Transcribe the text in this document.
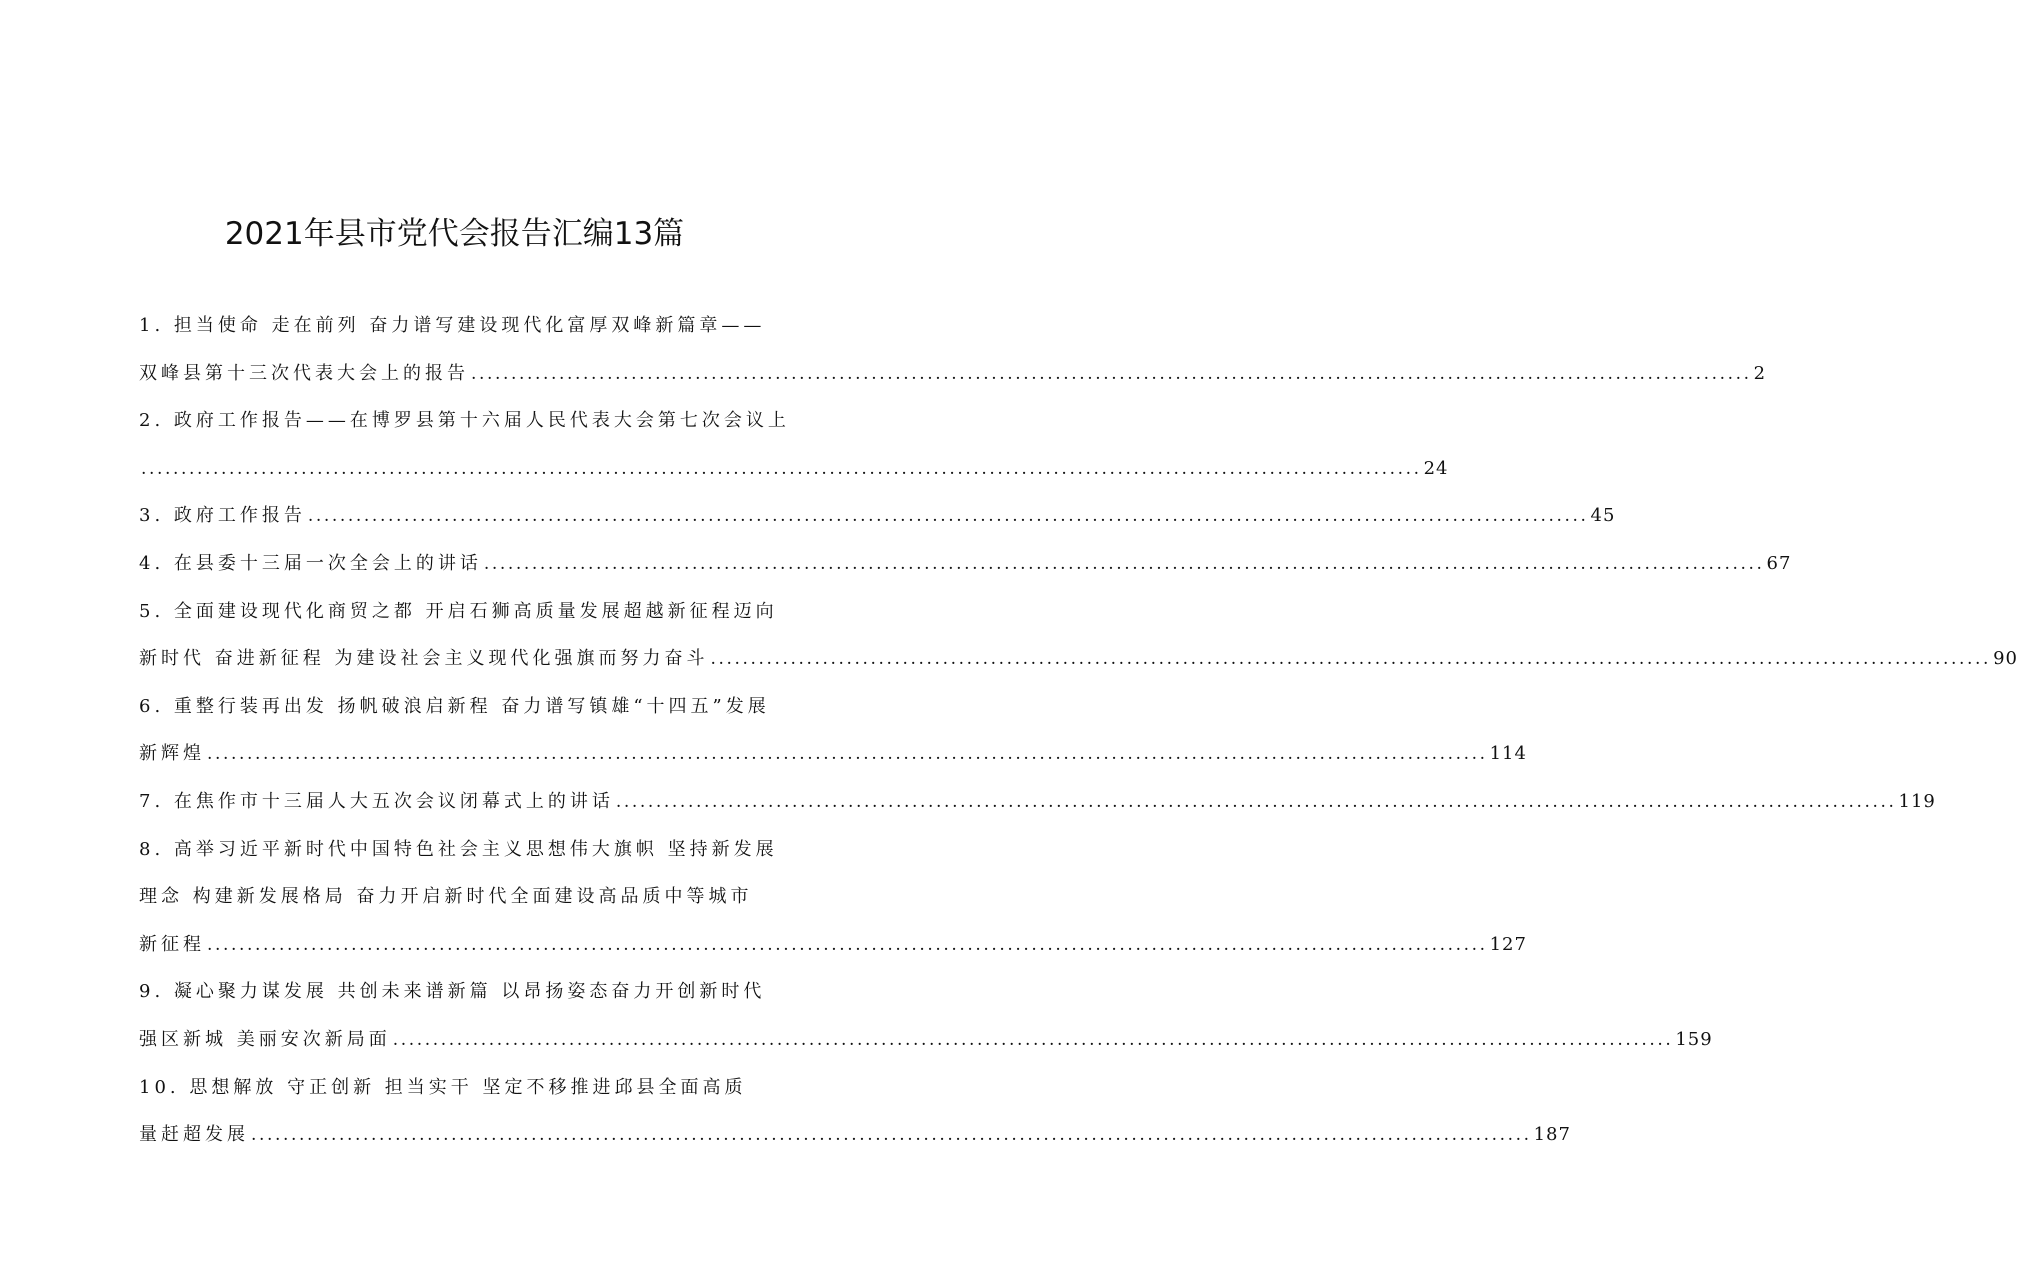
2021年县市党代会报告汇编13篇
1. 担当使命 走在前列 奋力谱写建设现代化富厚双峰新篇章——
双峰县第十三次代表大会上的报告 ................................................................................................................................................................ 2
2. 政府工作报告——在博罗县第十六届人民代表大会第七次会议上
................................................................................................................................................................ 24
3. 政府工作报告 ................................................................................................................................................................ 45
4. 在县委十三届一次全会上的讲话 ................................................................................................................................................................ 67
5. 全面建设现代化商贸之都 开启石狮高质量发展超越新征程迈向
新时代 奋进新征程 为建设社会主义现代化强旗而努力奋斗 ................................................................................................................................................................ 90
6. 重整行装再出发 扬帆破浪启新程 奋力谱写镇雄“十四五”发展
新辉煌 ................................................................................................................................................................ 114
7. 在焦作市十三届人大五次会议闭幕式上的讲话 ................................................................................................................................................................ 119
8. 高举习近平新时代中国特色社会主义思想伟大旗帜 坚持新发展
理念 构建新发展格局 奋力开启新时代全面建设高品质中等城市
新征程 ................................................................................................................................................................ 127
9. 凝心聚力谋发展 共创未来谱新篇 以昂扬姿态奋力开创新时代
强区新城 美丽安次新局面 ................................................................................................................................................................ 159
10. 思想解放 守正创新 担当实干 坚定不移推进邱县全面高质
量赶超发展 ................................................................................................................................................................ 187
